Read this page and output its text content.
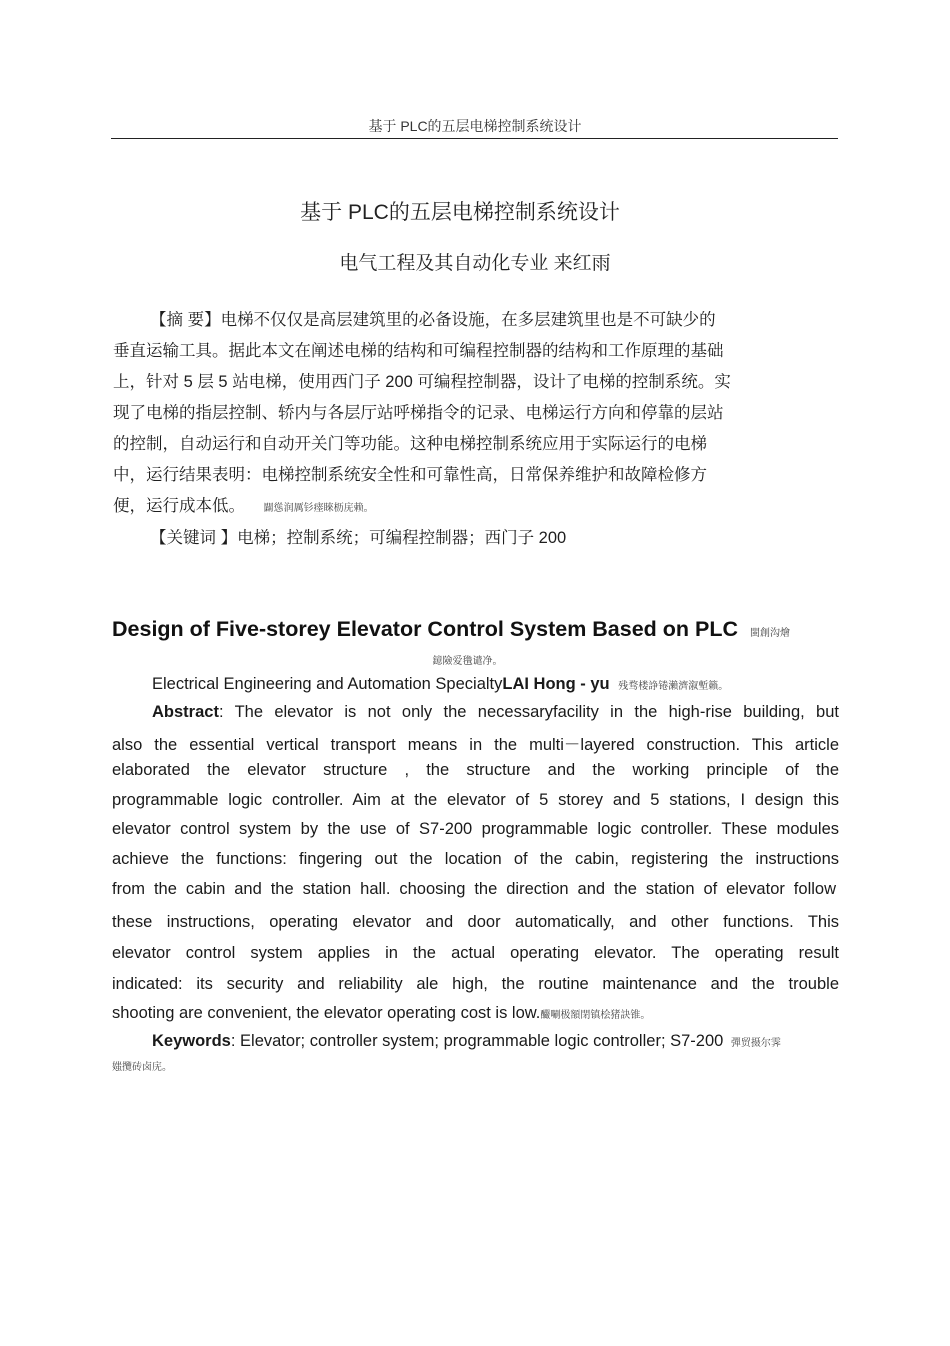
基于 PLC的五层电梯控制系统设计
基于 PLC的五层电梯控制系统设计
电气工程及其自动化专业 来红雨
【摘 要】电梯不仅仅是高层建筑里的必备设施，在多层建筑里也是不可缺少的
垂直运输工具。据此本文在阐述电梯的结构和可编程控制器的结构和工作原理的基础
上，针对 5 层 5 站电梯，使用西门子 200 可编程控制器，设计了电梯的控制系统。实
现了电梯的指层控制、轿内与各层厅站呼梯指令的记录、电梯运行方向和停靠的层站
的控制，自动运行和自动开关门等功能。这种电梯控制系统应用于实际运行的电梯
中，运行结果表明：电梯控制系统安全性和可靠性高，日常保养维护和故障检修方
便，运行成本低。 闢慫润厲钐瘗睞枥庑赖。
【关键词 】电梯；控制系统；可编程控制器；西门子 200
Design of Five-storey Elevator Control System Based on PLC 閩創沟燴
鐿險爱氇谴净。
Electrical Engineering and Automation SpecialtyLAI Hong - yu 残骛楼諍锩瀨濟溆塹籟。
Abstract: The elevator is not only the necessaryfacility in the high-rise building, but
also the essential vertical transport means in the multi－layered construction. This article
elaborated the elevator structure , the structure and the working principle of the
programmable logic controller. Aim at the elevator of 5 storey and 5 stations, I design this
elevator control system by the use of S7-200 programmable logic controller. These modules
achieve the functions: fingering out the location of the cabin, registering the instructions
from the cabin and the station hall. choosing the direction and the station of elevator follow
these instructions, operating elevator and door automatically, and other functions. This
elevator control system applies in the actual operating elevator. The operating result
indicated: its security and reliability ale high, the routine maintenance and the trouble
shooting are convenient, the elevator operating cost is low.釅唰极額閉镇桧猪訣锥。
Keywords: Elevator; controller system; programmable logic controller; S7-200 彈贸摄尔霁
媸攬砖卤庑。
